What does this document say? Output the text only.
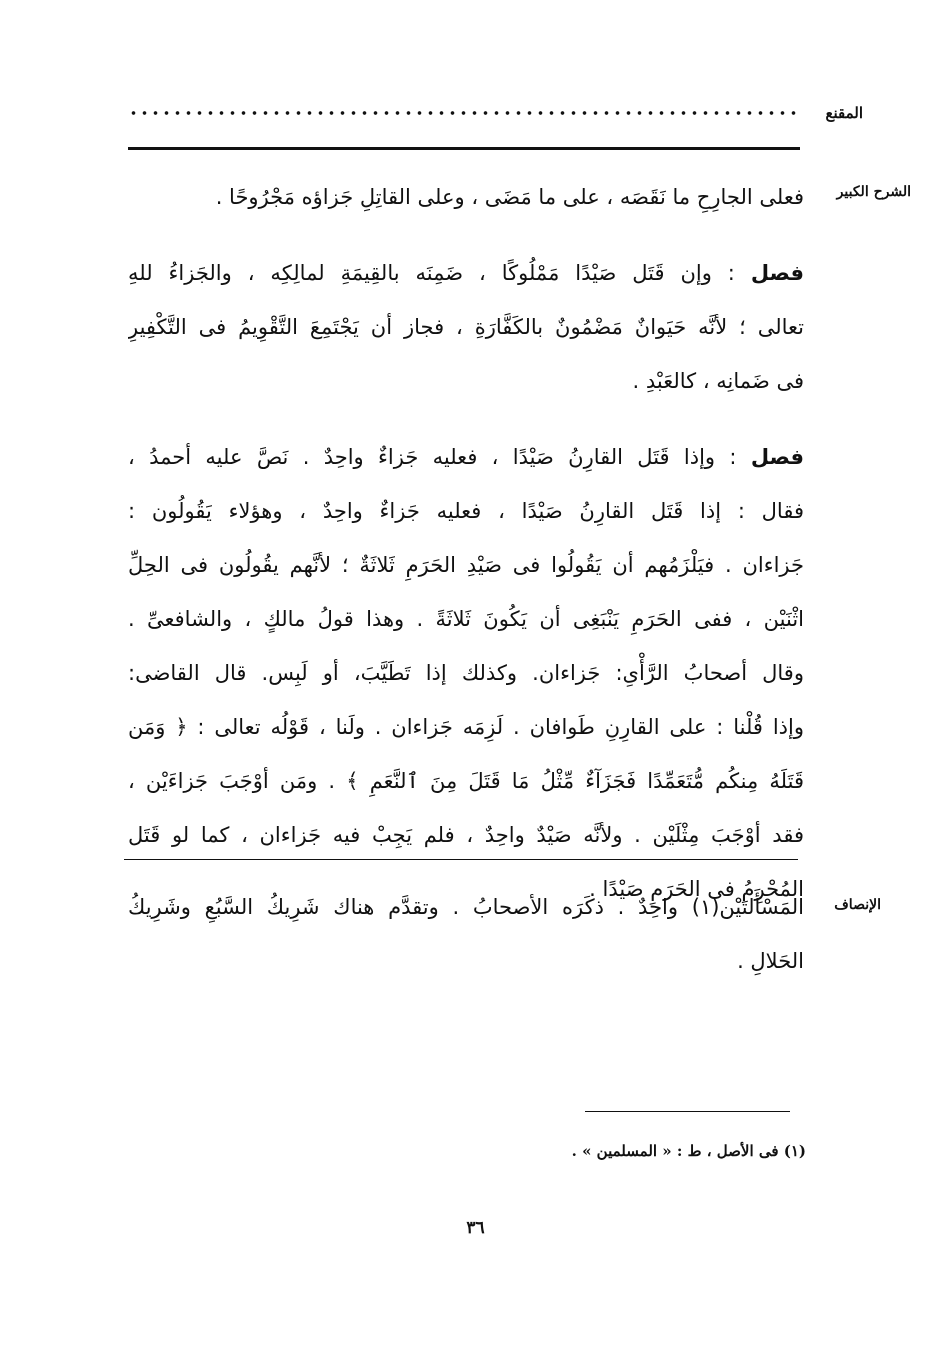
المقنع
الشرح الكبير
فعلى الجارِحِ ما نَقَصَه ، على ما مَضَى ، وعلى القاتِلِ جَزاؤه مَجْرُوحًا .
فصل : وإن قَتَل صَيْدًا مَمْلُوكًا ، ضَمِنَه بالقِيمَةِ لمالِكِه ، والجَزاءُ للهِ
تعالى ؛ لأنَّه حَيَوانٌ مَضْمُونٌ بالكَفَّارَةِ ، فجاز أن يَجْتَمِعَ التَّقْوِيمُ فى التَّكْفِيرِ
فى ضَمانِه ، كالعَبْدِ .
فصل : وإذا قَتَل القارِنُ صَيْدًا ، فعليه جَزاءٌ واحِدٌ . نَصَّ عليه أحمدُ ،
فقال : إذا قَتَل القارِنُ صَيْدًا ، فعليه جَزاءٌ واحِدٌ ، وهؤلاء يَقُولُون :
جَزاءان . فيَلْزَمُهم أن يَقُولُوا فى صَيْدِ الحَرَمِ ثَلاثَةٌ ؛ لأنَّهم يقُولُون فى الحِلِّ
اثْنَيْن ، ففى الحَرَمِ يَنْبَغِى أن يَكُونَ ثَلاثَةً . وهذا قولُ مالكٍ ، والشافعىِّ .
وقال أصحابُ الرَّأْىِ: جَزاءان. وكذلك إذا تَطَيَّبَ، أو لَبِس. قال القاضى:
وإذا قُلْنا : على القارِنِ طَوافان . لَزِمَه جَزاءان . ولَنا ، قَوْلُه تعالى : ﴿ وَمَن
قَتَلَهُ مِنكُم مُّتَعَمِّدًا فَجَزَآءٌ مِّثْلُ مَا قَتَلَ مِنَ ٱلنَّعَمِ ﴾ . ومَن أوْجَبَ جَزاءَيْن ،
فقد أوْجَبَ مِثْلَيْن . ولأنَّه صَيْدٌ واحِدٌ ، فلم يَجِبْ فيه جَزاءان ، كما لو قَتَل
المُحْرِمُ فى الحَرَمِ صَيْدًا .
الإنصاف
المَسْأَلتَيْن(١) واحِدٌ . ذكَرَه الأصحابُ . وتقدَّم هناك شَرِيكُ السَّبُعِ وشَرِيكُ
الحَلالِ .
(١) فى الأصل ، ط : « المسلمين » .
٣٦
